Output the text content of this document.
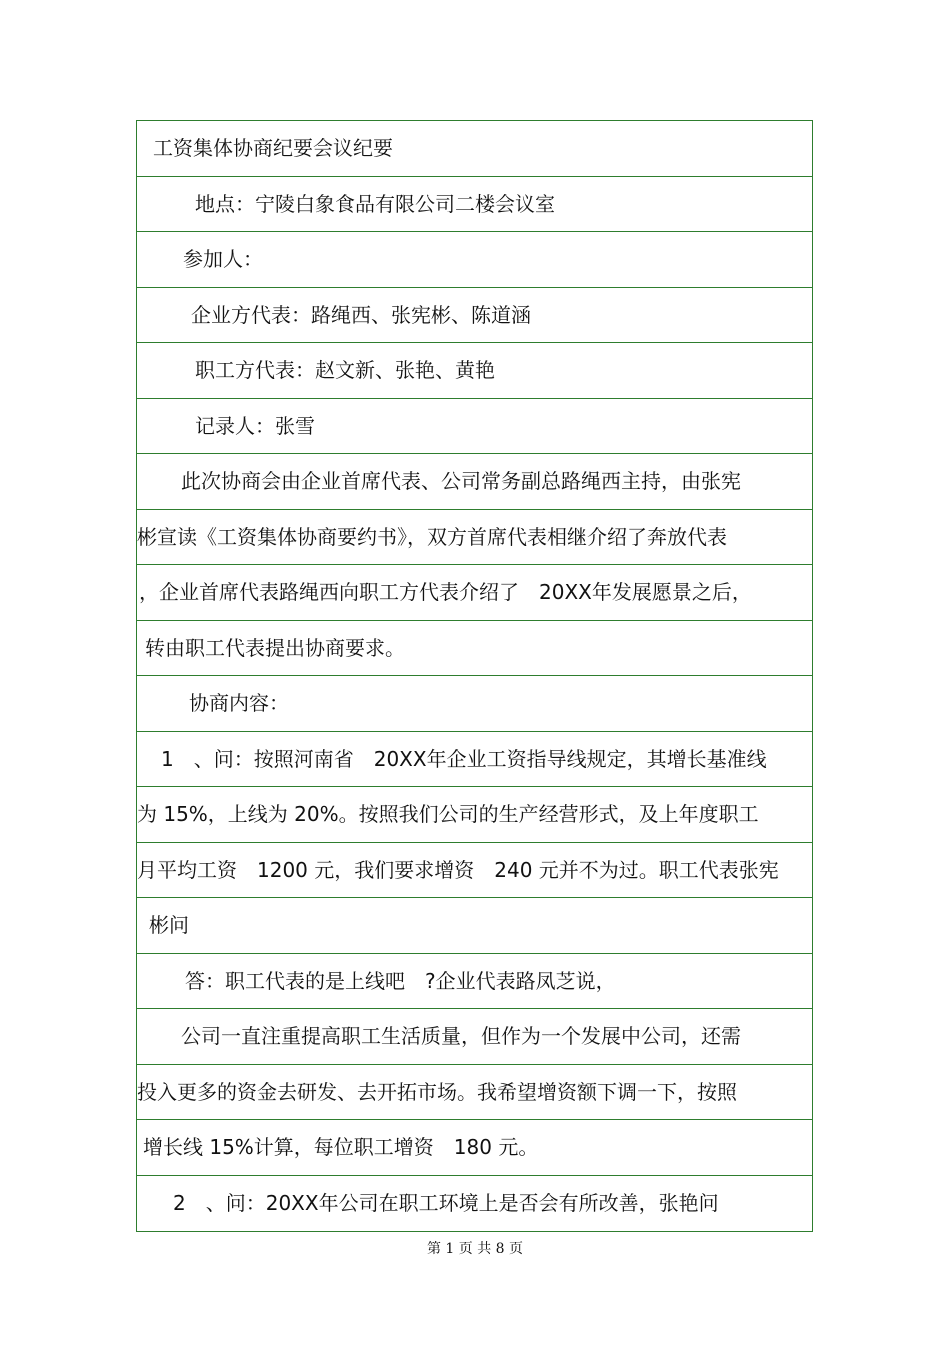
工资集体协商纪要会议纪要
地点：宁陵白象食品有限公司二楼会议室
参加人：
企业方代表：路绳西、张宪彬、陈道涵
职工方代表：赵文新、张艳、黄艳
记录人：张雪
此次协商会由企业首席代表、公司常务副总路绳西主持，由张宪
彬宣读《工资集体协商要约书》，双方首席代表相继介绍了奔放代表
，企业首席代表路绳西向职工方代表介绍了　20XX年发展愿景之后，
转由职工代表提出协商要求。
协商内容：
1　、问：按照河南省　20XX年企业工资指导线规定，其增长基准线
为 15%，上线为 20%。按照我们公司的生产经营形式，及上年度职工
月平均工资　1200 元，我们要求增资　240 元并不为过。职工代表张宪
彬问
答：职工代表的是上线吧　?企业代表路凤芝说，
公司一直注重提高职工生活质量，但作为一个发展中公司，还需
投入更多的资金去研发、去开拓市场。我希望增资额下调一下，按照
增长线 15%计算，每位职工增资　180 元。
2　、问：20XX年公司在职工环境上是否会有所改善，张艳问
第 1 页 共 8 页
